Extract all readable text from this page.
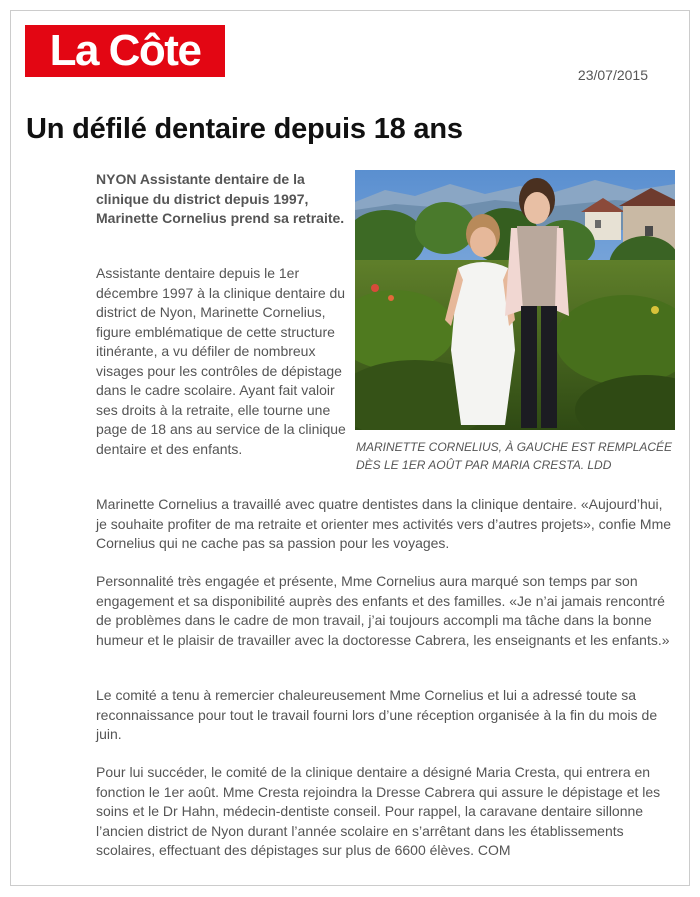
La Côte	23/07/2015
Un défilé dentaire depuis 18 ans

NYON Assistante dentaire de la clinique du district depuis 1997, Marinette Cornelius prend sa retraite.

Assistante dentaire depuis le 1er décembre 1997 à la clinique dentaire du district de Nyon, Marinette Cornelius, figure emblématique de cette structure itinérante, a vu défiler de nombreux visages pour les contrôles de dépistage dans le cadre scolaire. Ayant fait valoir ses droits à la retraite, elle tourne une page de 18 ans au service de la clinique dentaire et des enfants.	MARINETTE CORNELIUS, À GAUCHE EST REMPLACÉE DÈS LE 1ER AOÛT PAR MARIA CRESTA. LDD

Marinette Cornelius a travaillé avec quatre dentistes dans la clinique dentaire. «Aujourd’hui, je souhaite profiter de ma retraite et orienter mes activités vers d’autres projets», confie Mme Cornelius qui ne cache pas sa passion pour les voyages.

Personnalité très engagée et présente, Mme Cornelius aura marqué son temps par son engagement et sa disponibilité auprès des enfants et des familles. «Je n’ai jamais rencontré de problèmes dans le cadre de mon travail, j’ai toujours accompli ma tâche dans la bonne humeur et le plaisir de travailler avec la doctoresse Cabrera, les enseignants et les enfants.»

Le comité a tenu à remercier chaleureusement Mme Cornelius et lui a adressé toute sa reconnaissance pour tout le travail fourni lors d’une réception organisée à la fin du mois de juin.

Pour lui succéder, le comité de la clinique dentaire a désigné Maria Cresta, qui entrera en fonction le 1er août. Mme Cresta rejoindra la Dresse Cabrera qui assure le dépistage et les soins et le Dr Hahn, médecin-dentiste conseil. Pour rappel, la caravane dentaire sillonne l’ancien district de Nyon durant l’année scolaire en s’arrêtant dans les établissements scolaires, effectuant des dépistages sur plus de 6600 élèves. COM
